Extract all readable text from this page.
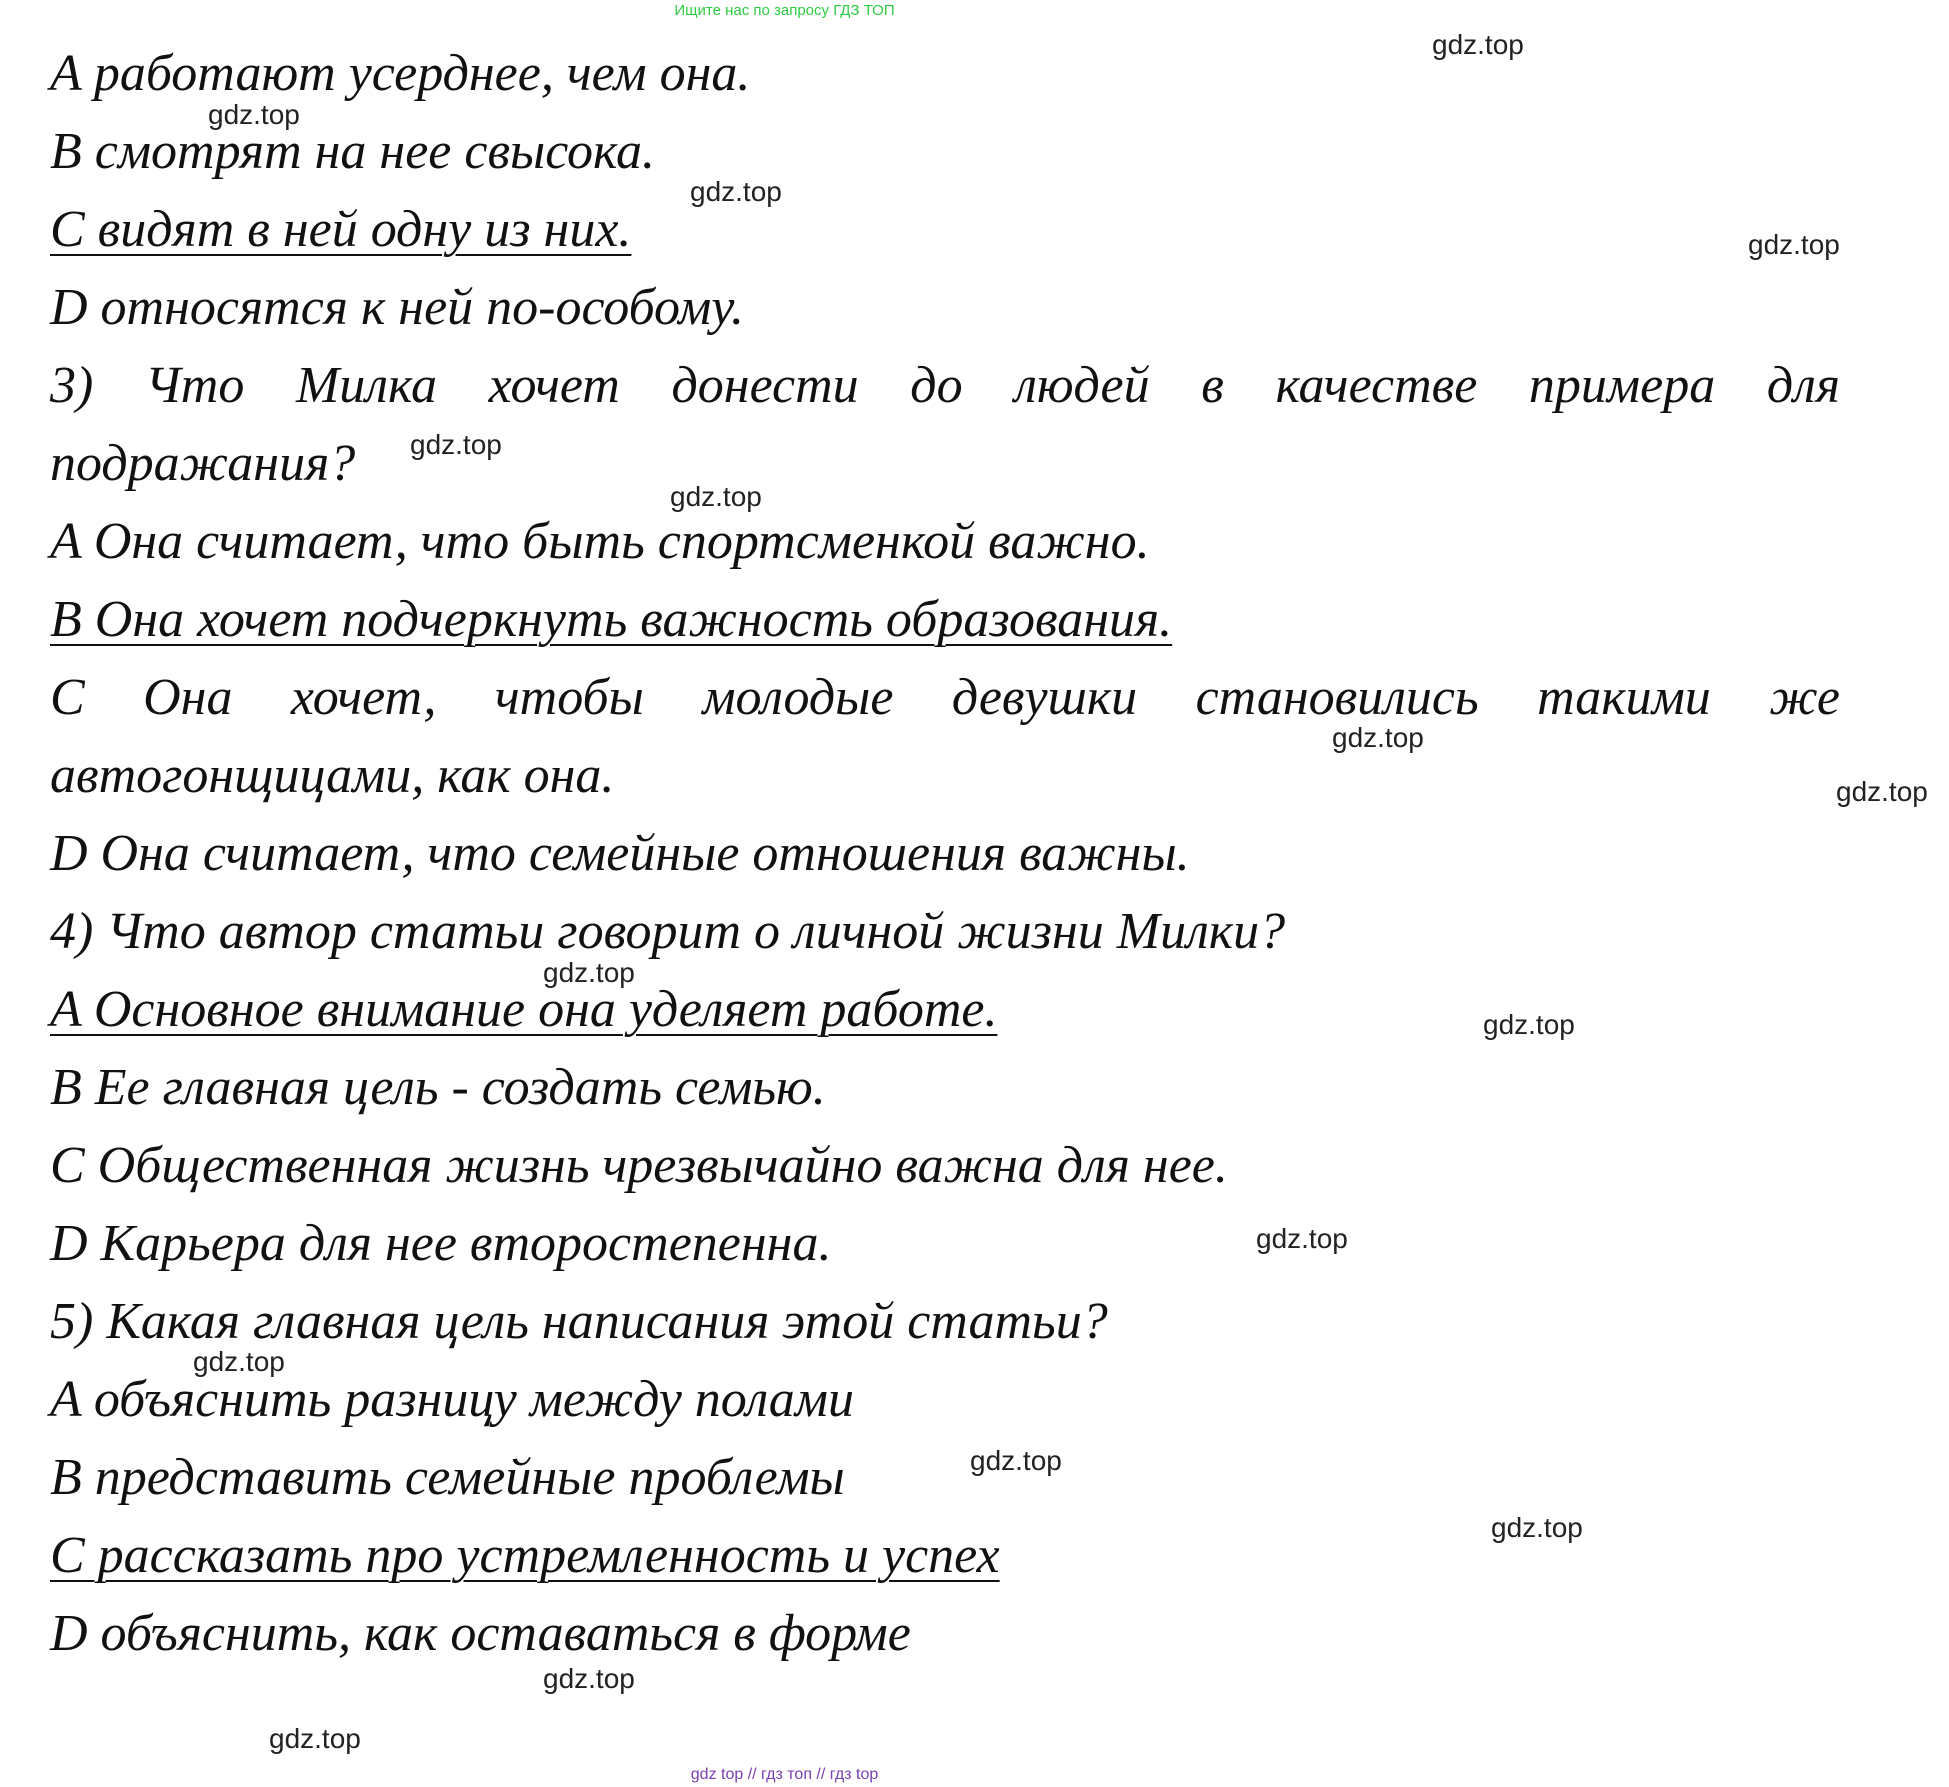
Ищите нас по запросу ГДЗ ТОП
A работают усерднее, чем она.
B смотрят на нее свысока.
C видят в ней одну из них.
D относятся к ней по-особому.
3) Что Милка хочет донести до людей в качестве примера для
подражания?
A Она считает, что быть спортсменкой важно.
B Она хочет подчеркнуть важность образования.
C Она хочет, чтобы молодые девушки становились такими же
автогонщицами, как она.
D Она считает, что семейные отношения важны.
4) Что автор статьи говорит о личной жизни Милки?
A Основное внимание она уделяет работе.
B Ее главная цель - создать семью.
C Общественная жизнь чрезвычайно важна для нее.
D Карьера для нее второстепенна.
5) Какая главная цель написания этой статьи?
A объяснить разницу между полами
B представить семейные проблемы
C рассказать про устремленность и успех
D объяснить, как оставаться в форме
gdz.top
gdz.top
gdz.top
gdz.top
gdz.top
gdz.top
gdz.top
gdz.top
gdz.top
gdz.top
gdz.top
gdz.top
gdz.top
gdz.top
gdz.top
gdz.top
gdz top // гдз топ // гдз top
